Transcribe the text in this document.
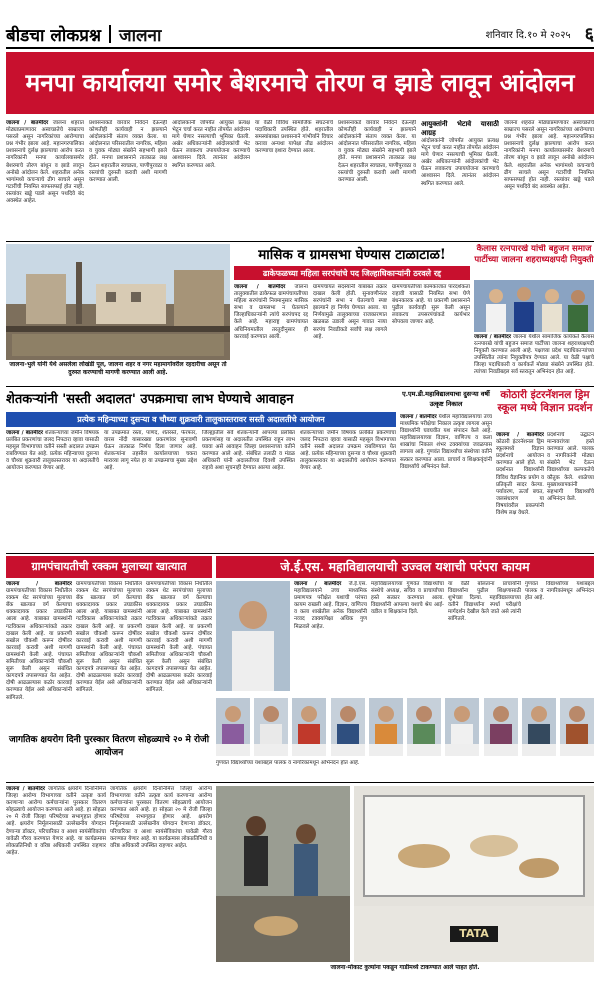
बीडचा लोकप्रश्न जालना	शनिवार दि.१० मे २०२५ ६
मनपा कार्यालया समोर बेशरमाचे तोरण व झाडे लावून आंदोलन
जालना / बातमीदर जालना शहरात मोठ्याप्रमाणावर अस्वच्छतेचे साम्राज्य पसरले असून नागरिकांच्या आरोग्याचा प्रश्न गंभीर झाला आहे. महानगरपालिका प्रशासनाचे दुर्लक्ष झाल्याचा आरोप करत नागरिकांनी मनपा कार्यालयासमोर बेशरमाचे तोरण बांधून व झाडे लावून अनोखे आंदोलन केले. शहरातील अनेक भागांमध्ये कचऱ्याचे ढीग साचले असून गटारींची नियमित साफसफाई होत नाही. रस्त्यांवर खड्डे पडले असून पथदिवे बंद अवस्थेत आहेत.
प्रशासनाकडे वारंवार निवेदने देऊनही कोणतीही कार्यवाही न झाल्याने आंदोलकांनी संताप व्यक्त केला. या आंदोलनात परिसरातील नागरिक, महिला व युवक मोठ्या संख्येने सहभागी झाले होते. मनपा प्रशासनाने तात्काळ लक्ष देऊन शहरातील स्वच्छता, पाणीपुरवठा व रस्त्यांची दुरुस्ती करावी अशी मागणी करण्यात आली.
आंदोलकांनी जोपर्यंत आयुक्त प्रत्यक्ष भेटून चर्चा करत नाहीत तोपर्यंत आंदोलन मागे घेणार नसल्याची भूमिका घेतली. अखेर अधिकाऱ्यांनी आंदोलकांची भेट घेऊन लवकरच उपाययोजना करण्याचे आश्वासन दिले. त्यानंतर आंदोलन स्थगित करण्यात आले.
या वेळी विविध सामाजिक संघटनांचे पदाधिकारी उपस्थित होते. शहरातील समस्यांबाबत प्रशासनाने गांभीर्याने विचार करावा अन्यथा यापेक्षा तीव्र आंदोलन करण्याचा इशारा देण्यात आला.
प्रशासनाकडे वारंवार निवेदने देऊनही कोणतीही कार्यवाही न झाल्याने आंदोलकांनी संताप व्यक्त केला. या आंदोलनात परिसरातील नागरिक, महिला व युवक मोठ्या संख्येने सहभागी झाले होते. मनपा प्रशासनाने तात्काळ लक्ष देऊन शहरातील स्वच्छता, पाणीपुरवठा व रस्त्यांची दुरुस्ती करावी अशी मागणी करण्यात आली.
आयुक्तांनी भेटावे यासाठी आग्रह
आंदोलकांनी जोपर्यंत आयुक्त प्रत्यक्ष भेटून चर्चा करत नाहीत तोपर्यंत आंदोलन मागे घेणार नसल्याची भूमिका घेतली. अखेर अधिकाऱ्यांनी आंदोलकांची भेट घेऊन लवकरच उपाययोजना करण्याचे आश्वासन दिले. त्यानंतर आंदोलन स्थगित करण्यात आले.
जालना शहरात मोठ्याप्रमाणावर अस्वच्छतेचे साम्राज्य पसरले असून नागरिकांच्या आरोग्याचा प्रश्न गंभीर झाला आहे. महानगरपालिका प्रशासनाचे दुर्लक्ष झाल्याचा आरोप करत नागरिकांनी मनपा कार्यालयासमोर बेशरमाचे तोरण बांधून व झाडे लावून अनोखे आंदोलन केले. शहरातील अनेक भागांमध्ये कचऱ्याचे ढीग साचले असून गटारींची नियमित साफसफाई होत नाही. रस्त्यांवर खड्डे पडले असून पथदिवे बंद अवस्थेत आहेत.
जालना-भुले यांनी येथे असलेला लोखंडी पूल, जालना शहर व नगर महामार्गावरील रहदारीचा असून तो दुरुस्त करण्याची मागणी करण्यात आली आहे.
मासिक व ग्रामसभा घेण्यास टाळाटाळ!
ढाकेफळच्या महिला सरपंचांचे पद जिल्हाधिकाऱ्यांनी ठरवले रद्द
जालना / बातमीदर जालना तालुक्यातील ढाकेफळ ग्रामपंचायतीच्या महिला सरपंचांनी नियमानुसार मासिक सभा व ग्रामसभा न घेतल्याने जिल्हाधिकाऱ्यांनी त्यांचे सरपंचपद रद्द केले आहे. महाराष्ट्र ग्रामपंचायत अधिनियमातील तरतुदीनुसार ही कारवाई करण्यात आली.
ग्रामपंचायत सदस्यांनी याबाबत तक्रार दाखल केली होती. सुनावणीनंतर सरपंचांनी सभा न घेतल्याचे स्पष्ट झाल्याने हा निर्णय घेण्यात आला. या निर्णयामुळे तालुक्याच्या राजकारणात खळबळ उडाली असून गावात नव्या सरपंच निवडीकडे सर्वांचे लक्ष लागले आहे.
ग्रामपंचायतीच्या कामकाजात पारदर्शकता राहावी यासाठी नियमित सभा घेणे बंधनकारक आहे. या प्रकरणी प्रशासनाने पुढील कार्यवाही सुरू केली असून लवकरच उपसरपंचांकडे कार्यभार सोपवला जाणार आहे.
कैलास रत्नपारखे यांची बहुजन समाज पार्टीच्या जालना शहराध्यक्षपदी नियुक्ती
जालना / बातमीदर जालना येथील सामाजिक कार्यकर्ते कैलास रत्नपारखे यांची बहुजन समाज पार्टीच्या जालना शहराध्यक्षपदी नियुक्ती करण्यात आली आहे. पक्षाच्या प्रदेश पदाधिकाऱ्यांच्या उपस्थितीत त्यांना नियुक्तीपत्र देण्यात आले. या वेळी पक्षाचे जिल्हा पदाधिकारी व कार्यकर्ते मोठ्या संख्येने उपस्थित होते. त्यांच्या निवडीबद्दल सर्व स्तरातून अभिनंदन होत आहे.
शेतकऱ्यांनी 'सस्ती अदालत' उपक्रमाचा लाभ घेण्याचे आवाहन
प्रत्येक महिन्याच्या दुसऱ्या व चौथ्या शुक्रवारी तालुकास्तरावर सस्ती अदालतीचे आयोजन
जालना / बातमीदर शेतकऱ्यांच्या जमीन विषयक प्रलंबित प्रकरणांचा जलद निपटारा व्हावा यासाठी महसूल विभागाच्या वतीने सस्ती अदालत उपक्रम राबविण्यात येत आहे. प्रत्येक महिन्याच्या दुसऱ्या व चौथ्या शुक्रवारी तालुकास्तरावर या अदालतीचे आयोजन करण्यात येणार आहे.
या उपक्रमात रस्ता, पाणंद, शेतरस्ते, फेरफार, वारस नोंदी यासारख्या प्रकरणांवर सुनावणी घेऊन तात्काळ निर्णय दिला जाणार आहे. शेतकऱ्यांना तहसील कार्यालयाच्या चकरा माराव्या लागू नयेत हा या उपक्रमाचा मुख्य उद्देश आहे.
जिल्ह्यातील सर्व शेतकऱ्यांनी आपल्या प्रलंबित प्रकरणांसह या अदालतीत उपस्थित राहून लाभ घ्यावा असे आवाहन जिल्हा प्रशासनाच्या वतीने करण्यात आले आहे. संबंधित तलाठी व मंडळ अधिकारी यांनी अदालतीच्या दिवशी उपस्थित राहावे अशा सूचनाही देण्यात आल्या आहेत.
शेतकऱ्यांच्या जमीन विषयक प्रलंबित प्रकरणांचा जलद निपटारा व्हावा यासाठी महसूल विभागाच्या वतीने सस्ती अदालत उपक्रम राबविण्यात येत आहे. प्रत्येक महिन्याच्या दुसऱ्या व चौथ्या शुक्रवारी तालुकास्तरावर या अदालतीचे आयोजन करण्यात येणार आहे.
ए.एम.डी.महाविद्यालयाचा दुसऱ्या वर्षी उत्कृष्ट निकाल
जालना / बातमीदर येथील महाविद्यालयाचा उच्च माध्यमिक परीक्षेचा निकाल उत्कृष्ट लागला असून विद्यार्थ्यांनी घवघवीत यश संपादन केले आहे. महाविद्यालयाच्या विज्ञान, वाणिज्य व कला शाखांचा निकाल शंभर टक्क्यांच्या जवळपास लागला आहे. गुणवंत विद्यार्थ्यांचा संस्थेच्या वतीने सत्कार करण्यात आला. प्राचार्य व शिक्षकवृंदांनी विद्यार्थ्यांचे अभिनंदन केले.
कोठारी इंटरनॅशनल ड्रिम स्कूल मध्ये विज्ञान प्रदर्शन
जालना / बातमीदर कोठारी इंटरनॅशनल ड्रिम स्कूलमध्ये विज्ञान प्रदर्शनाचे आयोजन करण्यात आले होते. या प्रदर्शनात विद्यार्थ्यांनी विविध वैज्ञानिक प्रयोग व प्रतिकृती सादर केल्या. पर्यावरण, ऊर्जा बचत, जलसंधारण या विषयांवरील प्रकल्पांनी विशेष लक्ष वेधले.
प्रदर्शनाचे उद्घाटन मान्यवरांच्या हस्ते करण्यात आले. पालक व नागरिकांनी मोठ्या संख्येने भेट देऊन विद्यार्थ्यांच्या कल्पकतेचे कौतुक केले. शाळेच्या मुख्याध्यापकांनी सहभागी विद्यार्थ्यांचे अभिनंदन केले.
ग्रामपंचायतीची रक्कम मुलाच्या खात्यात
जालना / बातमीदर ग्रामपंचायतीच्या विकास निधीतील रक्कम थेट सरपंचांच्या मुलाच्या बँक खात्यात वर्ग केल्याचा धक्कादायक प्रकार उघडकीस आला आहे. याबाबत ग्रामस्थांनी गटविकास अधिकाऱ्यांकडे तक्रार दाखल केली आहे. या प्रकरणी सखोल चौकशी करून दोषींवर कारवाई करावी अशी मागणी ग्रामस्थांनी केली आहे. पंचायत समितीच्या अधिकाऱ्यांनी चौकशी सुरू केली असून संबंधित कागदपत्रे तपासण्यात येत आहेत. दोषी आढळल्यास कठोर कारवाई करण्यात येईल असे अधिकाऱ्यांनी सांगितले.
ग्रामपंचायतीच्या विकास निधीतील रक्कम थेट सरपंचांच्या मुलाच्या बँक खात्यात वर्ग केल्याचा धक्कादायक प्रकार उघडकीस आला आहे. याबाबत ग्रामस्थांनी गटविकास अधिकाऱ्यांकडे तक्रार दाखल केली आहे. या प्रकरणी सखोल चौकशी करून दोषींवर कारवाई करावी अशी मागणी ग्रामस्थांनी केली आहे. पंचायत समितीच्या अधिकाऱ्यांनी चौकशी सुरू केली असून संबंधित कागदपत्रे तपासण्यात येत आहेत. दोषी आढळल्यास कठोर कारवाई करण्यात येईल असे अधिकाऱ्यांनी सांगितले.
ग्रामपंचायतीच्या विकास निधीतील रक्कम थेट सरपंचांच्या मुलाच्या बँक खात्यात वर्ग केल्याचा धक्कादायक प्रकार उघडकीस आला आहे. याबाबत ग्रामस्थांनी गटविकास अधिकाऱ्यांकडे तक्रार दाखल केली आहे. या प्रकरणी सखोल चौकशी करून दोषींवर कारवाई करावी अशी मागणी ग्रामस्थांनी केली आहे. पंचायत समितीच्या अधिकाऱ्यांनी चौकशी सुरू केली असून संबंधित कागदपत्रे तपासण्यात येत आहेत. दोषी आढळल्यास कठोर कारवाई करण्यात येईल असे अधिकाऱ्यांनी सांगितले.
जे.ई.एस. महाविद्यालयाची उज्वल यशाची परंपरा कायम
जालना / बातमीदर जे.ई.एस. महाविद्यालयाने उच्च माध्यमिक प्रमाणपत्र परीक्षेत यशाची परंपरा कायम राखली आहे. विज्ञान, वाणिज्य व कला शाखेतील अनेक विद्यार्थ्यांनी नव्वद टक्क्यांपेक्षा अधिक गुण मिळवले आहेत.
महाविद्यालयाच्या गुणवंत विद्यार्थ्यांचा संस्थेचे अध्यक्ष, सचिव व प्राचार्यांच्या हस्ते सत्कार करण्यात आला. विद्यार्थ्यांनी आपल्या यशाचे श्रेय आई-वडील व शिक्षकांना दिले.
या वेळी बोलताना प्राचार्यांनी विद्यार्थ्यांना पुढील शिक्षणासाठी शुभेच्छा दिल्या. महाविद्यालयाच्या वतीने विद्यार्थ्यांना स्पर्धा परीक्षांचे मार्गदर्शन देखील केले जाते असे त्यांनी सांगितले.
गुणवंत विद्यार्थ्यांच्या यशाबद्दल पालक व नागरिकांमधून अभिनंदन होत आहे.
गुणवंत विद्यार्थ्यांच्या यशाबद्दल पालक व नागरिकांमधून अभिनंदन होत आहे.
जागतिक क्षयरोग दिनी पुरस्कार वितरण सोहळ्याचे २० मे रोजी आयोजन
जालना / बातमीदर जागतिक क्षयरोग दिनानिमित्त जिल्हा आरोग्य विभागाच्या वतीने उत्कृष्ट कार्य करणाऱ्या आरोग्य कर्मचाऱ्यांना पुरस्कार वितरण सोहळ्याचे आयोजन करण्यात आले आहे. हा सोहळा २० मे रोजी जिल्हा परिषदेच्या सभागृहात होणार आहे. क्षयरोग निर्मूलनासाठी उल्लेखनीय योगदान देणाऱ्या डॉक्टर, परिचारिका व आशा स्वयंसेविकांचा यावेळी गौरव करण्यात येणार आहे. या कार्यक्रमास लोकप्रतिनिधी व वरिष्ठ अधिकारी उपस्थित राहणार आहेत.
जागतिक क्षयरोग दिनानिमित्त जिल्हा आरोग्य विभागाच्या वतीने उत्कृष्ट कार्य करणाऱ्या आरोग्य कर्मचाऱ्यांना पुरस्कार वितरण सोहळ्याचे आयोजन करण्यात आले आहे. हा सोहळा २० मे रोजी जिल्हा परिषदेच्या सभागृहात होणार आहे. क्षयरोग निर्मूलनासाठी उल्लेखनीय योगदान देणाऱ्या डॉक्टर, परिचारिका व आशा स्वयंसेविकांचा यावेळी गौरव करण्यात येणार आहे. या कार्यक्रमास लोकप्रतिनिधी व वरिष्ठ अधिकारी उपस्थित राहणार आहेत.
TATA
जालना-मोकाट कुत्र्यांना पकडून गाडीमध्ये टाकण्यात आले पाहत होते.
